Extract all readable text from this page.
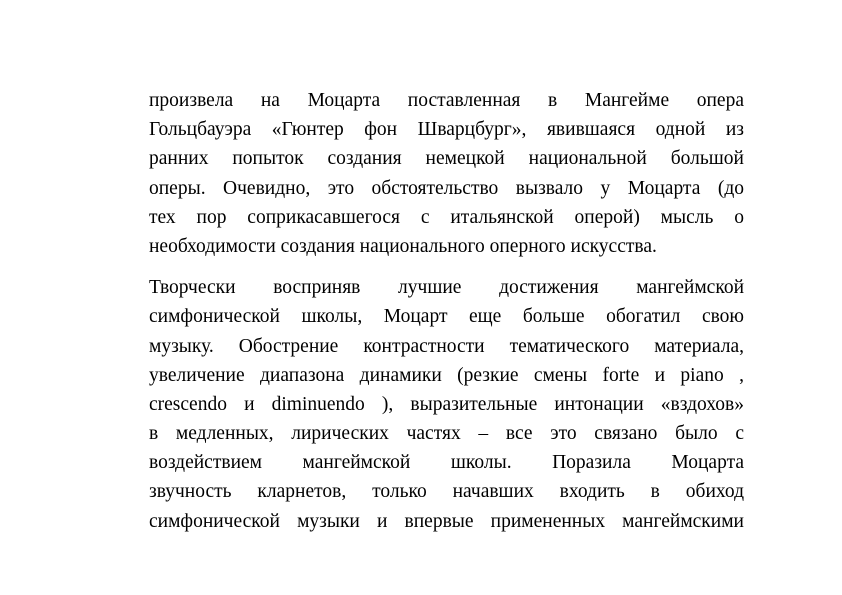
произвела на Моцарта поставленная в Мангейме опера
Гольцбауэра «Гюнтер фон Шварцбург», явившаяся одной из
ранних попыток создания немецкой национальной большой
оперы. Очевидно, это обстоятельство вызвало у Моцарта (до
тех пор соприкасавшегося с итальянской оперой) мысль о
необходимости создания национального оперного искусства.
Творчески восприняв лучшие достижения мангеймской
симфонической школы, Моцарт еще больше обогатил свою
музыку. Обострение контрастности тематического материала,
увеличение диапазона динамики (резкие смены forte и piano ,
crescendo и diminuendo ), выразительные интонации «вздохов»
в медленных, лирических частях – все это связано было с
воздействием мангеймской школы. Поразила Моцарта
звучность кларнетов, только начавших входить в обиход
симфонической музыки и впервые примененных мангеймскими
